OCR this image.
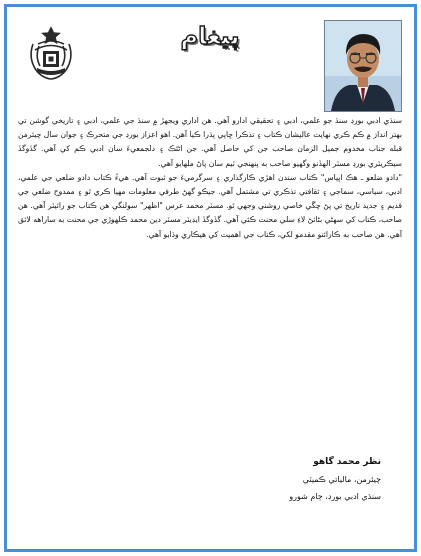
پيغام

سنڌي ادبي بورڊ سنڌ جو علمي، ادبي ۽ تحقيقي ادارو آهي. هن اداري ويجهڙ ۾ سنڌ جي علمي، ادبي ۽ تاريخي گوشن تي بهتر انداز ۾ ڪم ڪري نهايت عاليشان ڪتاب ۽ تذڪرا ڇاپي پڌرا ڪيا آهن. اهو اعزاز بورڊ جي متحرڪ ۽ جوان سال چيئرمن قبله جناب مخدوم جميل الزمان صاحب جن کي حاصل آهي. جن اڻٿڪ ۽ دلجمعيءَ سان ادبي ڪم کي آهي. گڏوگڏ سيڪريٽري بورڊ مسٽر الھڏنو وگهيو صاحب به پنهنجي ٽيم سان پاڻ ملهايو آهي.

"دادو ضلعو ـ هڪ اڀياس" ڪتاب سندن اهڙي ڪارگذاري ۽ سرگرميءَ جو ثبوت آهي. هيءُ ڪتاب دادو ضلعي جي علمي، ادبي، سياسي، سماجي ۽ ثقافتي تذڪري تي مشتمل آهي. جيڪو گهڻ طرفي معلومات مهيا ڪري ٿو ۽ ممدوح ضلعي جي قديم ۽ جديد تاريخ تي پڻ چڱي خاصي روشني وجهي ٿو. مسٽر محمد عرس "اظهر" سولنگي هن ڪتاب جو رائيٽر آهي. هن صاحب، ڪتاب کي سهڻي بڻائڻ لاءِ سلي محنت ڪئي آهي. گڏوگڏ ايڊيٽر مسٽر دين محمد ڪلهوڙي جي محنت به ساراهه لائق آهي. هن صاحب به ڪارائتو مقدمو لکي، ڪتاب جي اهميت کي هيڪاري وڌايو آهي.

نظر محمد گاهو
چيئرمن، مالياتي ڪميٽي
سنڌي ادبي بورڊ، ڄام شورو
